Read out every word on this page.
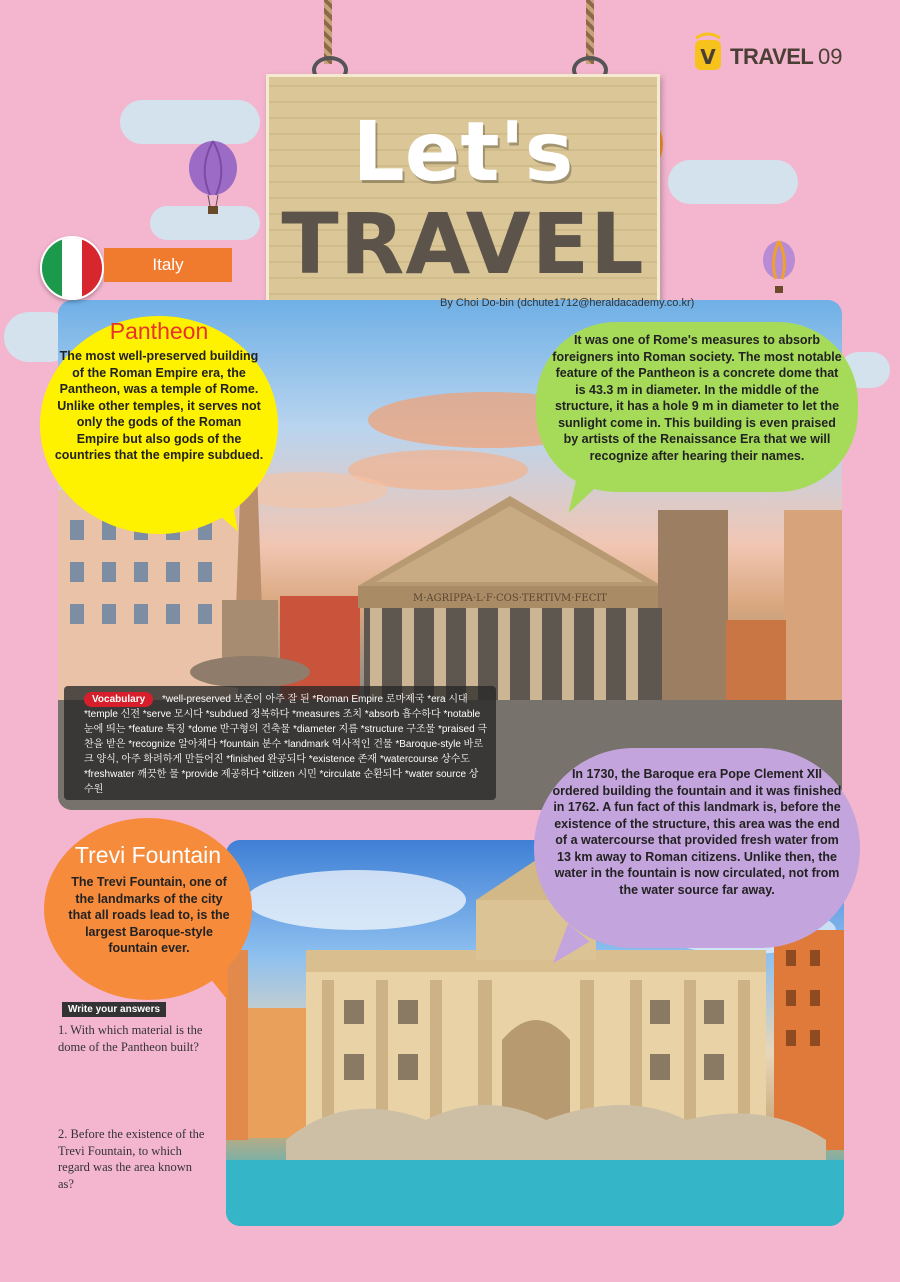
V TRAVEL 09
Let's
TRAVEL
M·AGRIPPA·L·F·COS·TERTIVM·FECIT
By Choi Do-bin (dchute1712@heraldacademy.co.kr)
Italy
Pantheon
The most well-preserved building of the Roman Empire era, the Pantheon, was a temple of Rome. Unlike other temples, it serves not only the gods of the Roman Empire but also gods of the countries that the empire subdued.
It was one of Rome's measures to absorb foreigners into Roman society. The most notable feature of the Pantheon is a concrete dome that is 43.3 m in diameter. In the middle of the structure, it has a hole 9 m in diameter to let the sunlight come in. This building is even praised by artists of the Renaissance Era that we will recognize after hearing their names.
*well-preserved 보존이 아주 잘 된 *Roman Empire 로마제국 *era 시대 *temple 신전 *serve 모시다 *subdued 정복하다 *measures 조치 *absorb 흡수하다 *notable 눈에 띄는 *feature 특징 *dome 반구형의 건축물 *diameter 지름 *structure 구조물 *praised 극찬을 받은 *recognize 알아채다 *fountain 분수 *landmark 역사적인 건물 *Baroque-style 바로크 양식, 아주 화려하게 만들어진 *finished 완공되다 *existence 존재 *watercourse 상수도 *freshwater 깨끗한 물 *provide 제공하다 *citizen 시민 *circulate 순환되다 *water source 상수원
Vocabulary
In 1730, the Baroque era Pope Clement XII ordered building the fountain and it was finished in 1762. A fun fact of this landmark is, before the existence of the structure, this area was the end of a watercourse that provided fresh water from 13 km away to Roman citizens. Unlike then, the water in the fountain is now circulated, not from the water source far away.
Trevi Fountain
The Trevi Fountain, one of the landmarks of the city that all roads lead to, is the largest Baroque-style fountain ever.
Write your answers
1. With which material is the dome of the Pantheon built?
2. Before the existence of the Trevi Fountain, to which regard was the area known as?
